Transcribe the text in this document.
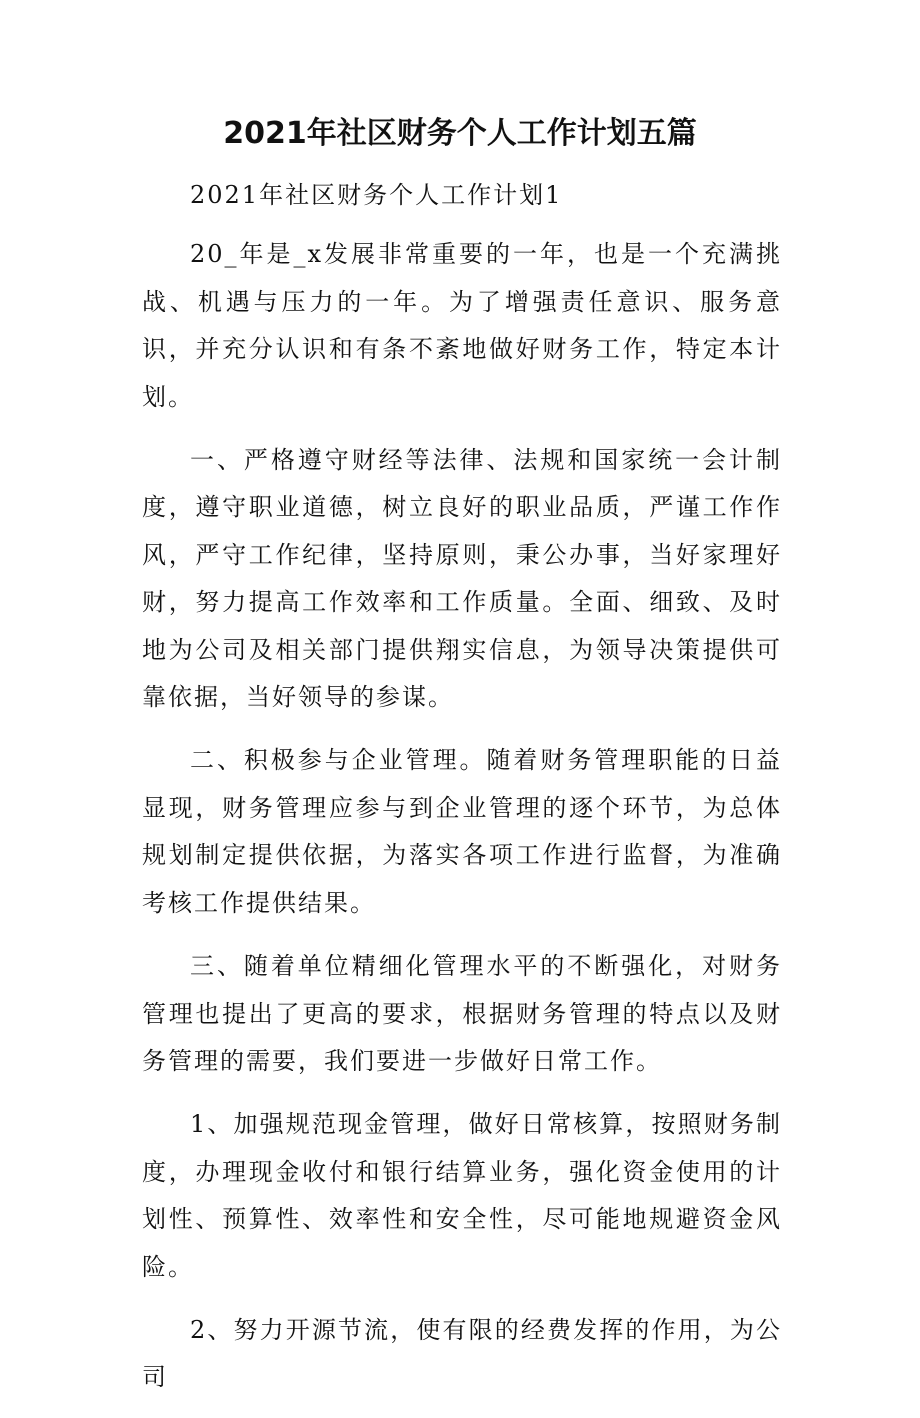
2021年社区财务个人工作计划五篇

2021年社区财务个人工作计划1

20_年是_x发展非常重要的一年，也是一个充满挑战、机遇与压力的一年。为了增强责任意识、服务意识，并充分认识和有条不紊地做好财务工作，特定本计划。

一、严格遵守财经等法律、法规和国家统一会计制度，遵守职业道德，树立良好的职业品质，严谨工作作风，严守工作纪律，坚持原则，秉公办事，当好家理好财，努力提高工作效率和工作质量。全面、细致、及时地为公司及相关部门提供翔实信息，为领导决策提供可靠依据，当好领导的参谋。

二、积极参与企业管理。随着财务管理职能的日益显现，财务管理应参与到企业管理的逐个环节，为总体规划制定提供依据，为落实各项工作进行监督，为准确考核工作提供结果。

三、随着单位精细化管理水平的不断强化，对财务管理也提出了更高的要求，根据财务管理的特点以及财务管理的需要，我们要进一步做好日常工作。

1、加强规范现金管理，做好日常核算，按照财务制度，办理现金收付和银行结算业务，强化资金使用的计划性、预算性、效率性和安全性，尽可能地规避资金风险。

2、努力开源节流，使有限的经费发挥的作用，为公司
